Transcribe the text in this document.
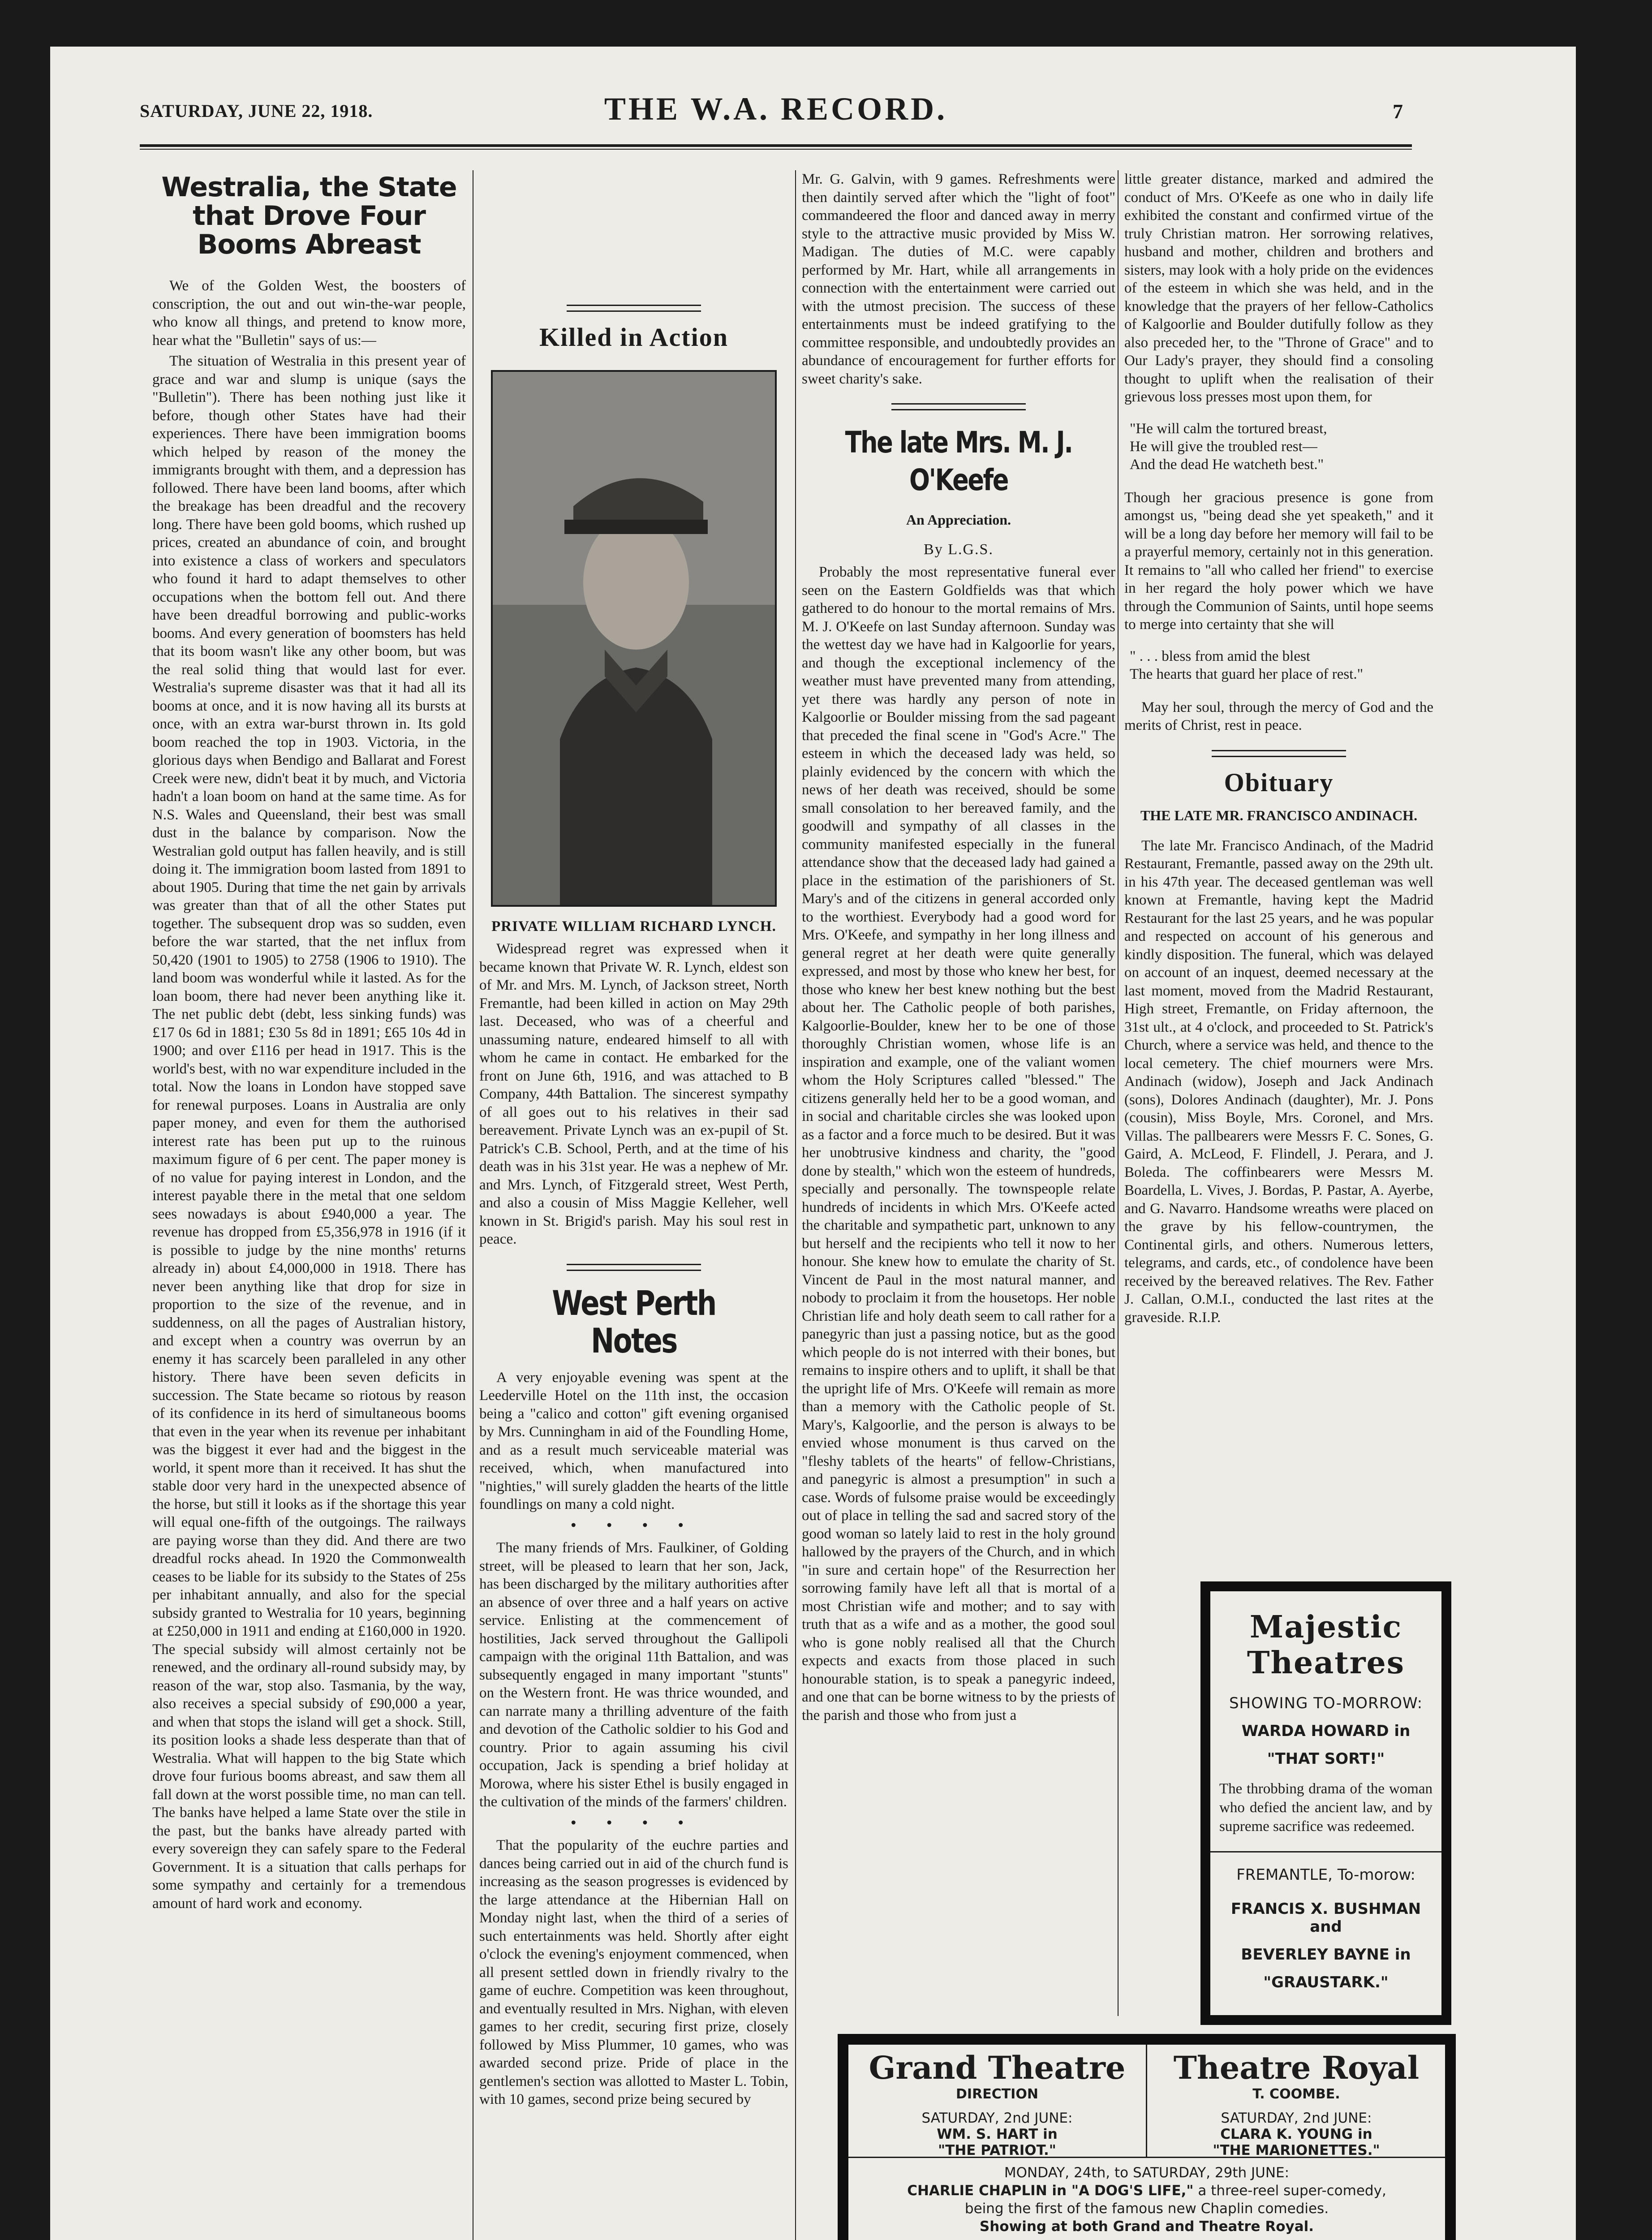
SATURDAY, JUNE 22, 1918.	THE W.A. RECORD.	7
Westralia, the State that Drove Four Booms Abreast

We of the Golden West, the boosters of conscription, the out and out win-the-war people, who know all things, and pretend to know more, hear what the "Bulletin" says of us:—

The situation of Westralia in this present year of grace and war and slump is unique (says the "Bulletin"). There has been nothing just like it before, though other States have had their experiences. There have been immigration booms which helped by reason of the money the immigrants brought with them, and a depression has followed. There have been land booms, after which the breakage has been dreadful and the recovery long. There have been gold booms, which rushed up prices, created an abundance of coin, and brought into existence a class of workers and speculators who found it hard to adapt themselves to other occupations when the bottom fell out. And there have been dreadful borrowing and public-works booms. And every generation of boomsters has held that its boom wasn't like any other boom, but was the real solid thing that would last for ever. Westralia's supreme disaster was that it had all its booms at once, and it is now having all its bursts at once, with an extra war-burst thrown in. Its gold boom reached the top in 1903. Victoria, in the glorious days when Bendigo and Ballarat and Forest Creek were new, didn't beat it by much, and Victoria hadn't a loan boom on hand at the same time. As for N.S. Wales and Queensland, their best was small dust in the balance by comparison. Now the Westralian gold output has fallen heavily, and is still doing it. The immigration boom lasted from 1891 to about 1905. During that time the net gain by arrivals was greater than that of all the other States put together. The subsequent drop was so sudden, even before the war started, that the net influx from 50,420 (1901 to 1905) to 2758 (1906 to 1910). The land boom was wonderful while it lasted. As for the loan boom, there had never been anything like it. The net public debt (debt, less sinking funds) was £17 0s 6d in 1881; £30 5s 8d in 1891; £65 10s 4d in 1900; and over £116 per head in 1917. This is the world's best, with no war expenditure included in the total. Now the loans in London have stopped save for renewal purposes. Loans in Australia are only paper money, and even for them the authorised interest rate has been put up to the ruinous maximum figure of 6 per cent. The paper money is of no value for paying interest in London, and the interest payable there in the metal that one seldom sees nowadays is about £940,000 a year. The revenue has dropped from £5,356,978 in 1916 (if it is possible to judge by the nine months' returns already in) about £4,000,000 in 1918. There has never been anything like that drop for size in proportion to the size of the revenue, and in suddenness, on all the pages of Australian history, and except when a country was overrun by an enemy it has scarcely been paralleled in any other history. There have been seven deficits in succession. The State became so riotous by reason of its confidence in its herd of simultaneous booms that even in the year when its revenue per inhabitant was the biggest it ever had and the biggest in the world, it spent more than it received. It has shut the stable door very hard in the unexpected absence of the horse, but still it looks as if the shortage this year will equal one-fifth of the outgoings. The railways are paying worse than they did. And there are two dreadful rocks ahead. In 1920 the Commonwealth ceases to be liable for its subsidy to the States of 25s per inhabitant annually, and also for the special subsidy granted to Westralia for 10 years, beginning at £250,000 in 1911 and ending at £160,000 in 1920. The special subsidy will almost certainly not be renewed, and the ordinary all-round subsidy may, by reason of the war, stop also. Tasmania, by the way, also receives a special subsidy of £90,000 a year, and when that stops the island will get a shock. Still, its position looks a shade less desperate than that of Westralia. What will happen to the big State which drove four furious booms abreast, and saw them all fall down at the worst possible time, no man can tell. The banks have helped a lame State over the stile in the past, but the banks have already parted with every sovereign they can safely spare to the Federal Government. It is a situation that calls perhaps for some sympathy and certainly for a tremendous amount of hard work and economy.

Killed in Action
PRIVATE WILLIAM RICHARD LYNCH.

Widespread regret was expressed when it became known that Private W. R. Lynch, eldest son of Mr. and Mrs. M. Lynch, of Jackson street, North Fremantle, had been killed in action on May 29th last. Deceased, who was of a cheerful and unassuming nature, endeared himself to all with whom he came in contact. He embarked for the front on June 6th, 1916, and was attached to B Company, 44th Battalion. The sincerest sympathy of all goes out to his relatives in their sad bereavement. Private Lynch was an ex-pupil of St. Patrick's C.B. School, Perth, and at the time of his death was in his 31st year. He was a nephew of Mr. and Mrs. Lynch, of Fitzgerald street, West Perth, and also a cousin of Miss Maggie Kelleher, well known in St. Brigid's parish. May his soul rest in peace.

West Perth Notes

A very enjoyable evening was spent at the Leederville Hotel on the 11th inst, the occasion being a "calico and cotton" gift evening organised by Mrs. Cunningham in aid of the Foundling Home, and as a result much serviceable material was received, which, when manufactured into "nighties," will surely gladden the hearts of the little foundlings on many a cold night.

• • • •

The many friends of Mrs. Faulkiner, of Golding street, will be pleased to learn that her son, Jack, has been discharged by the military authorities after an absence of over three and a half years on active service. Enlisting at the commencement of hostilities, Jack served throughout the Gallipoli campaign with the original 11th Battalion, and was subsequently engaged in many important "stunts" on the Western front. He was thrice wounded, and can narrate many a thrilling adventure of the faith and devotion of the Catholic soldier to his God and country. Prior to again assuming his civil occupation, Jack is spending a brief holiday at Morowa, where his sister Ethel is busily engaged in the cultivation of the minds of the farmers' children.

• • • •

That the popularity of the euchre parties and dances being carried out in aid of the church fund is increasing as the season progresses is evidenced by the large attendance at the Hibernian Hall on Monday night last, when the third of a series of such entertainments was held. Shortly after eight o'clock the evening's enjoyment commenced, when all present settled down in friendly rivalry to the game of euchre. Competition was keen throughout, and eventually resulted in Mrs. Nighan, with eleven games to her credit, securing first prize, closely followed by Miss Plummer, 10 games, who was awarded second prize. Pride of place in the gentlemen's section was allotted to Master L. Tobin, with 10 games, second prize being secured by

Mr. G. Galvin, with 9 games. Refreshments were then daintily served after which the "light of foot" commandeered the floor and danced away in merry style to the attractive music provided by Miss W. Madigan. The duties of M.C. were capably performed by Mr. Hart, while all arrangements in connection with the entertainment were carried out with the utmost precision. The success of these entertainments must be indeed gratifying to the committee responsible, and undoubtedly provides an abundance of encouragement for further efforts for sweet charity's sake.

The late Mrs. M. J. O'Keefe
An Appreciation.
By L.G.S.

Probably the most representative funeral ever seen on the Eastern Goldfields was that which gathered to do honour to the mortal remains of Mrs. M. J. O'Keefe on last Sunday afternoon. Sunday was the wettest day we have had in Kalgoorlie for years, and though the exceptional inclemency of the weather must have prevented many from attending, yet there was hardly any person of note in Kalgoorlie or Boulder missing from the sad pageant that preceded the final scene in "God's Acre." The esteem in which the deceased lady was held, so plainly evidenced by the concern with which the news of her death was received, should be some small consolation to her bereaved family, and the goodwill and sympathy of all classes in the community manifested especially in the funeral attendance show that the deceased lady had gained a place in the estimation of the parishioners of St. Mary's and of the citizens in general accorded only to the worthiest. Everybody had a good word for Mrs. O'Keefe, and sympathy in her long illness and general regret at her death were quite generally expressed, and most by those who knew her best, for those who knew her best knew nothing but the best about her. The Catholic people of both parishes, Kalgoorlie-Boulder, knew her to be one of those thoroughly Christian women, whose life is an inspiration and example, one of the valiant women whom the Holy Scriptures called "blessed." The citizens generally held her to be a good woman, and in social and charitable circles she was looked upon as a factor and a force much to be desired. But it was her unobtrusive kindness and charity, the "good done by stealth," which won the esteem of hundreds, specially and personally. The townspeople relate hundreds of incidents in which Mrs. O'Keefe acted the charitable and sympathetic part, unknown to any but herself and the recipients who tell it now to her honour. She knew how to emulate the charity of St. Vincent de Paul in the most natural manner, and nobody to proclaim it from the housetops. Her noble Christian life and holy death seem to call rather for a panegyric than just a passing notice, but as the good which people do is not interred with their bones, but remains to inspire others and to uplift, it shall be that the upright life of Mrs. O'Keefe will remain as more than a memory with the Catholic people of St. Mary's, Kalgoorlie, and the person is always to be envied whose monument is thus carved on the "fleshy tablets of the hearts" of fellow-Christians, and panegyric is almost a presumption" in such a case. Words of fulsome praise would be exceedingly out of place in telling the sad and sacred story of the good woman so lately laid to rest in the holy ground hallowed by the prayers of the Church, and in which "in sure and certain hope" of the Resurrection her sorrowing family have left all that is mortal of a most Christian wife and mother; and to say with truth that as a wife and as a mother, the good soul who is gone nobly realised all that the Church expects and exacts from those placed in such honourable station, is to speak a panegyric indeed, and one that can be borne witness to by the priests of the parish and those who from just a

little greater distance, marked and admired the conduct of Mrs. O'Keefe as one who in daily life exhibited the constant and confirmed virtue of the truly Christian matron. Her sorrowing relatives, husband and mother, children and brothers and sisters, may look with a holy pride on the evidences of the esteem in which she was held, and in the knowledge that the prayers of her fellow-Catholics of Kalgoorlie and Boulder dutifully follow as they also preceded her, to the "Throne of Grace" and to Our Lady's prayer, they should find a consoling thought to uplift when the realisation of their grievous loss presses most upon them, for

"He will calm the tortured breast,
He will give the troubled rest—
And the dead He watcheth best."

Though her gracious presence is gone from amongst us, "being dead she yet speaketh," and it will be a long day before her memory will fail to be a prayerful memory, certainly not in this generation. It remains to "all who called her friend" to exercise in her regard the holy power which we have through the Communion of Saints, until hope seems to merge into certainty that she will

" . . . bless from amid the blest
The hearts that guard her place of rest."

May her soul, through the mercy of God and the merits of Christ, rest in peace.

Obituary
THE LATE MR. FRANCISCO ANDINACH.

The late Mr. Francisco Andinach, of the Madrid Restaurant, Fremantle, passed away on the 29th ult. in his 47th year. The deceased gentleman was well known at Fremantle, having kept the Madrid Restaurant for the last 25 years, and he was popular and respected on account of his generous and kindly disposition. The funeral, which was delayed on account of an inquest, deemed necessary at the last moment, moved from the Madrid Restaurant, High street, Fremantle, on Friday afternoon, the 31st ult., at 4 o'clock, and proceeded to St. Patrick's Church, where a service was held, and thence to the local cemetery. The chief mourners were Mrs. Andinach (widow), Joseph and Jack Andinach (sons), Dolores Andinach (daughter), Mr. J. Pons (cousin), Miss Boyle, Mrs. Coronel, and Mrs. Villas. The pallbearers were Messrs F. C. Sones, G. Gaird, A. McLeod, F. Flindell, J. Perara, and J. Boleda. The coffinbearers were Messrs M. Boardella, L. Vives, J. Bordas, P. Pastar, A. Ayerbe, and G. Navarro. Handsome wreaths were placed on the grave by his fellow-countrymen, the Continental girls, and others. Numerous letters, telegrams, and cards, etc., of condolence have been received by the bereaved relatives. The Rev. Father J. Callan, O.M.I., conducted the last rites at the graveside. R.I.P.

Majestic Theatres
SHOWING TO-MORROW:
WARDA HOWARD in
"THAT SORT!"
The throbbing drama of the woman who defied the ancient law, and by supreme sacrifice was redeemed.
FREMANTLE, To-morow:
FRANCIS X. BUSHMAN and
BEVERLEY BAYNE in
"GRAUSTARK."
Grand Theatre
DIRECTION
SATURDAY, 2nd JUNE:
WM. S. HART in
"THE PATRIOT."
Theatre Royal
T. COOMBE.
SATURDAY, 2nd JUNE:
CLARA K. YOUNG in
"THE MARIONETTES."
MONDAY, 24th, to SATURDAY, 29th JUNE:
CHARLIE CHAPLIN in "A DOG'S LIFE," a three-reel super-comedy,
being the first of the famous new Chaplin comedies.
Showing at both Grand and Theatre Royal.
